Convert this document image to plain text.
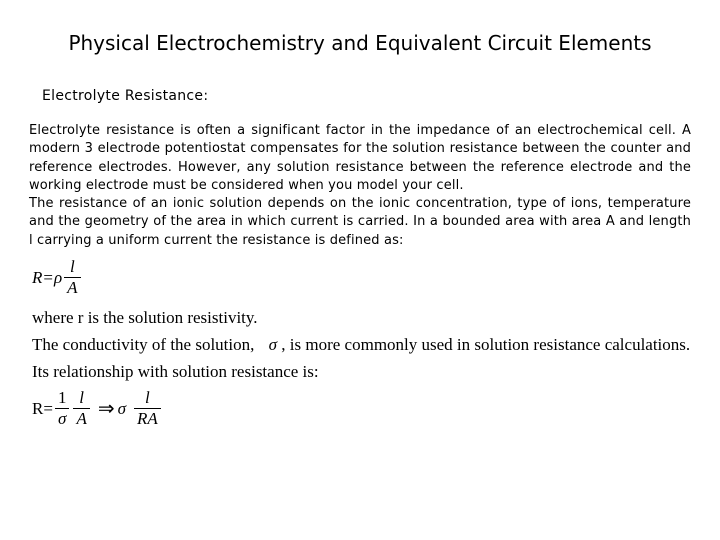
Physical Electrochemistry and Equivalent Circuit Elements
Electrolyte Resistance:

Electrolyte resistance is often a significant factor in the impedance of an electrochemical cell. A modern 3 electrode potentiostat compensates for the solution resistance between the counter and reference electrodes. However, any solution resistance between the reference electrode and the working electrode must be considered when you model your cell.

The resistance of an ionic solution depends on the ionic concentration, type of ions, temperature and the geometry of the area in which current is carried. In a bounded area with area A and length l carrying a uniform current the resistance is defined as:

R = ρ $\frac{l}{A}$
where r is the solution resistivity.
The conductivity of the solution, σ , is more commonly used in solution resistance calculations.
Its relationship with solution resistance is:
$R= \frac{1}{\sigma} \frac{l}{A}$ ⇒ σ $\frac{l}{RA}$
